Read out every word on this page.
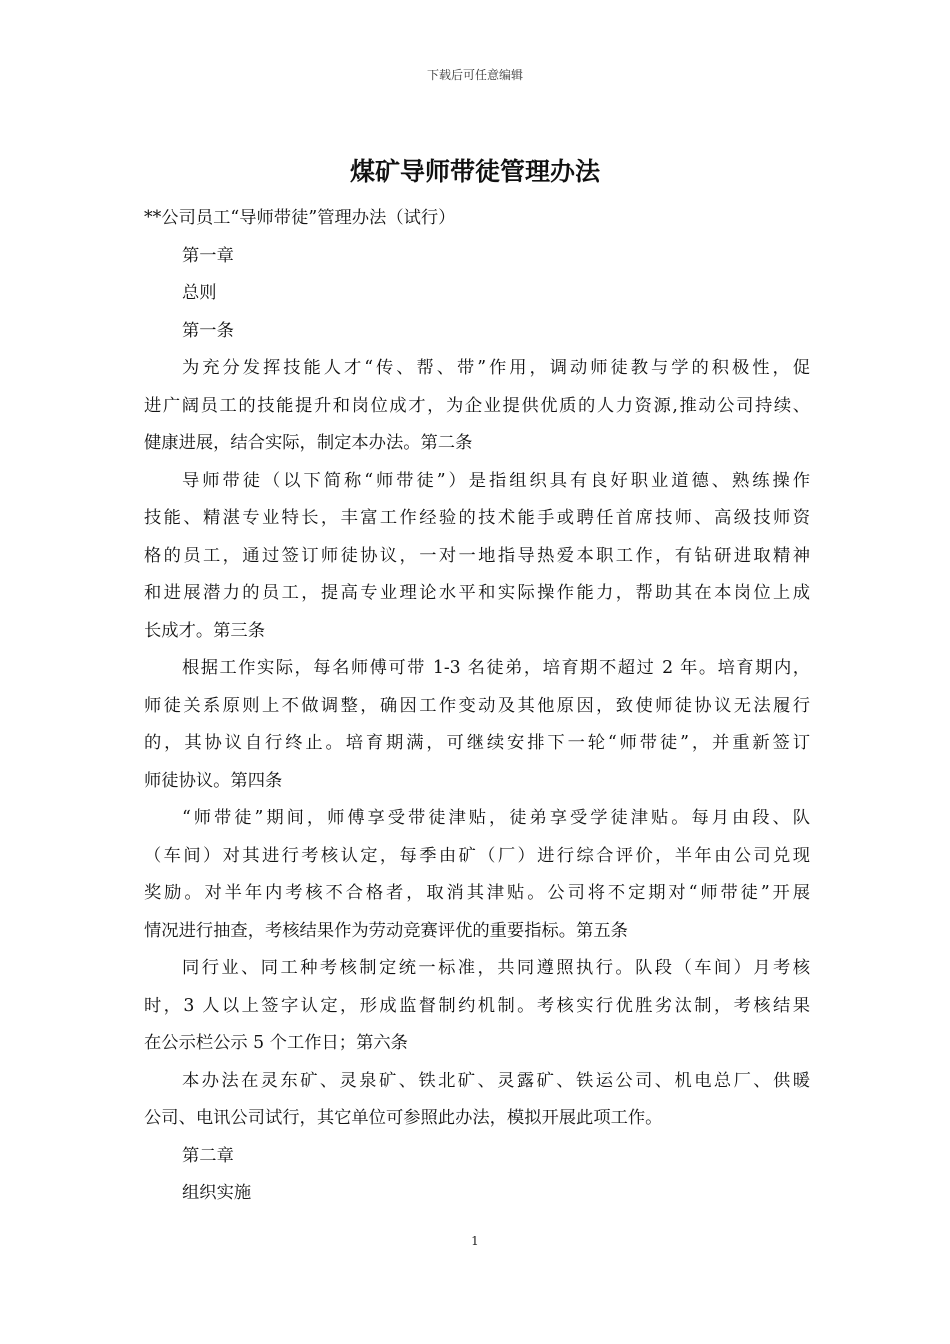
下载后可任意编辑
煤矿导师带徒管理办法
**公司员工“导师带徒”管理办法（试行）
第一章
总则
第一条
为充分发挥技能人才“传、帮、带”作用，调动师徒教与学的积极性，促
进广阔员工的技能提升和岗位成才，为企业提供优质的人力资源,推动公司持续、
健康进展，结合实际，制定本办法。第二条
导师带徒（以下简称“师带徒”）是指组织具有良好职业道德、熟练操作
技能、精湛专业特长，丰富工作经验的技术能手或聘任首席技师、高级技师资
格的员工，通过签订师徒协议，一对一地指导热爱本职工作，有钻研进取精神
和进展潜力的员工，提高专业理论水平和实际操作能力，帮助其在本岗位上成
长成才。第三条
根据工作实际，每名师傅可带 1-3 名徒弟，培育期不超过 2 年。培育期内，
师徒关系原则上不做调整，确因工作变动及其他原因，致使师徒协议无法履行
的，其协议自行终止。培育期满，可继续安排下一轮“师带徒”，并重新签订
师徒协议。第四条
“师带徒”期间，师傅享受带徒津贴，徒弟享受学徒津贴。每月由段、队
（车间）对其进行考核认定，每季由矿（厂）进行综合评价，半年由公司兑现
奖励。对半年内考核不合格者，取消其津贴。公司将不定期对“师带徒”开展
情况进行抽查，考核结果作为劳动竞赛评优的重要指标。第五条
同行业、同工种考核制定统一标准，共同遵照执行。队段（车间）月考核
时，3 人以上签字认定，形成监督制约机制。考核实行优胜劣汰制，考核结果
在公示栏公示 5 个工作日；第六条
本办法在灵东矿、灵泉矿、铁北矿、灵露矿、铁运公司、机电总厂、供暖
公司、电讯公司试行，其它单位可参照此办法，模拟开展此项工作。
第二章
组织实施
1
